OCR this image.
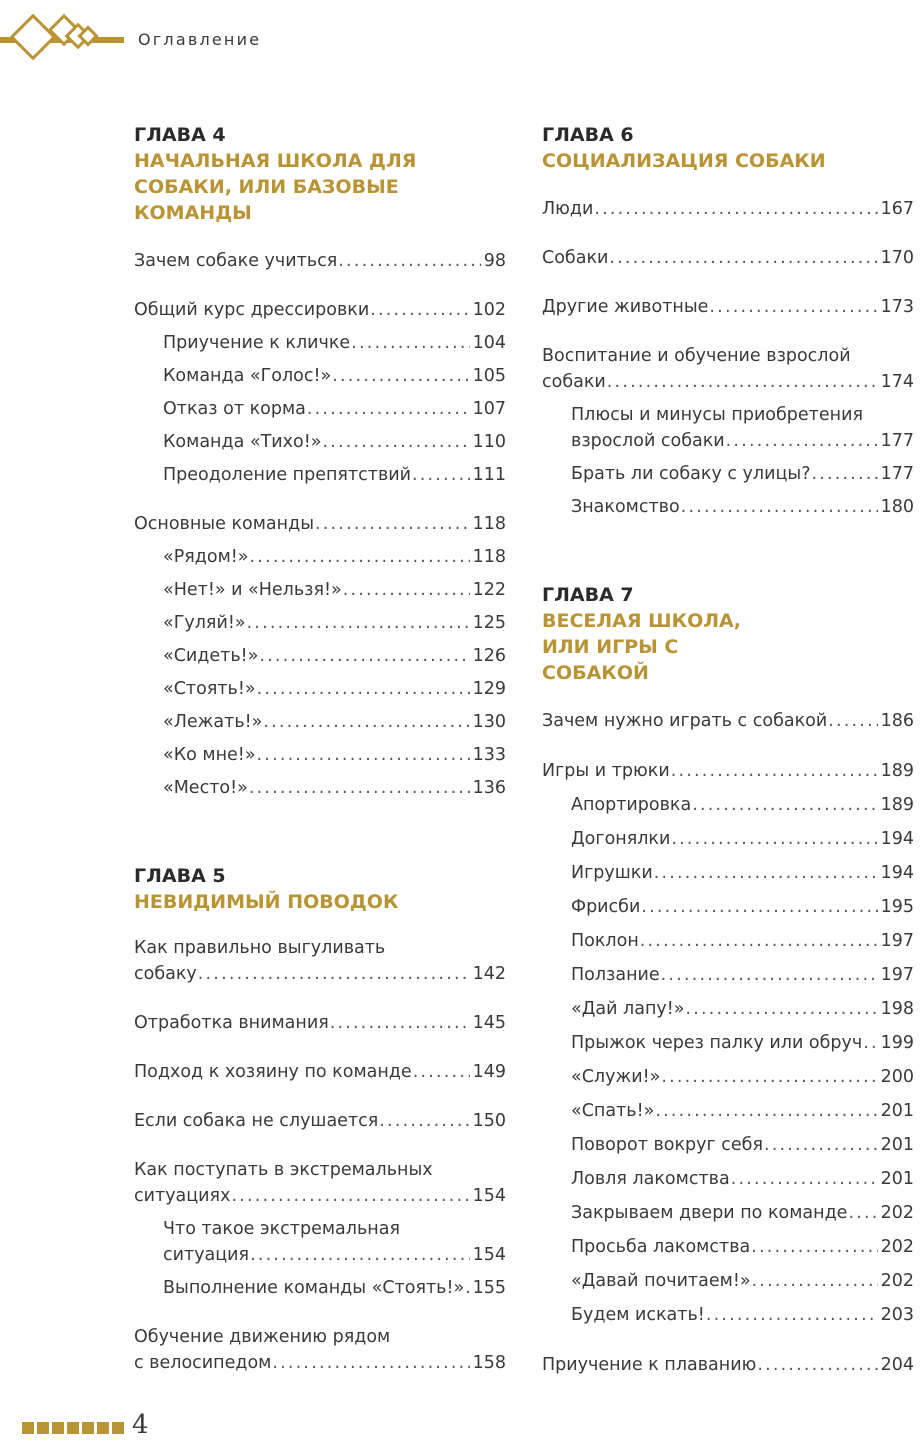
Оглавление
ГЛАВА 4
НАЧАЛЬНАЯ ШКОЛА ДЛЯ СОБАКИ, ИЛИ БАЗОВЫЕ КОМАНДЫ
Зачем собаке учиться .....	98
Общий курс дрессировки .....	102
Приучение к кличке .....	104
Команда «Голос!» .....	105
Отказ от корма .....	107
Команда «Тихо!» .....	110
Преодоление препятствий .....	111
Основные команды .....	118
«Рядом!» .....	118
«Нет!» и «Нельзя!» .....	122
«Гуляй!» .....	125
«Сидеть!» .....	126
«Стоять!» .....	129
«Лежать!» .....	130
«Ко мне!» .....	133
«Место!» .....	136
ГЛАВА 5
НЕВИДИМЫЙ ПОВОДОК
Как правильно выгуливать
собаку .....	142
Отработка внимания .....	145
Подход к хозяину по команде .....	149
Если собака не слушается .....	150
Как поступать в экстремальных
ситуациях .....	154
Что такое экстремальная
ситуация .....	154
Выполнение команды «Стоять!» ..... 155
Обучение движению рядом
с велосипедом .....	158
ГЛАВА 6
СОЦИАЛИЗАЦИЯ СОБАКИ
Люди .....	167
Собаки .....	170
Другие животные .....	173
Воспитание и обучение взрослой
собаки .....	174
Плюсы и минусы приобретения
взрослой собаки .....	177
Брать ли собаку с улицы? .....	177
Знакомство .....	180
ГЛАВА 7
ВЕСЕЛАЯ ШКОЛА, ИЛИ ИГРЫ С СОБАКОЙ
Зачем нужно играть с собакой .....	186
Игры и трюки .....	189
Апортировка .....	189
Догонялки .....	194
Игрушки .....	194
Фрисби .....	195
Поклон .....	197
Ползание .....	197
«Дай лапу!» .....	198
Прыжок через палку или обруч ..... 199
«Служи!» .....	200
«Спать!» .....	201
Поворот вокруг себя .....	201
Ловля лакомства .....	201
Закрываем двери по команде ..... 202
Просьба лакомства .....	202
«Давай почитаем!» .....	202
Будем искать! .....	203
Приучение к плаванию .....	204
4
